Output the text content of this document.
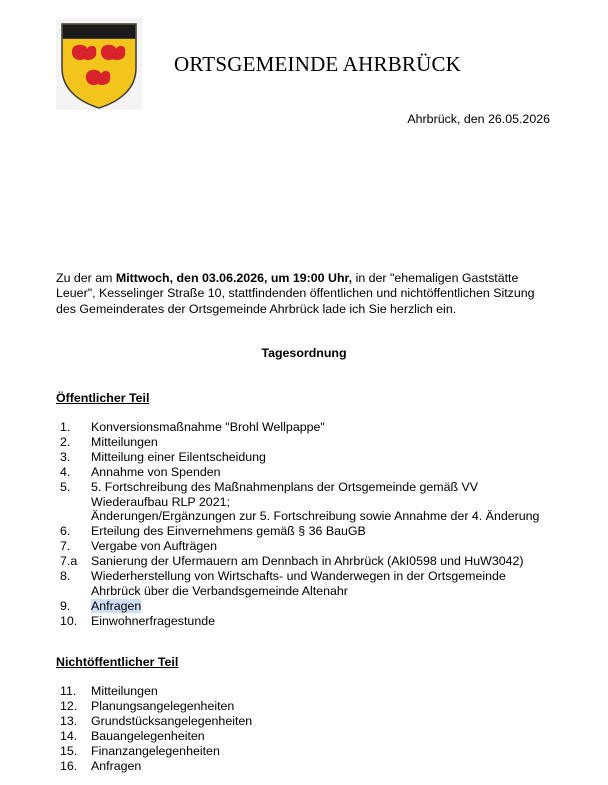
ORTSGEMEINDE AHRBRÜCK
Ahrbrück, den 26.05.2026
Zu der am Mittwoch, den 03.06.2026, um 19:00 Uhr, in der "ehemaligen Gaststätte Leuer", Kesselinger Straße 10, stattfindenden öffentlichen und nichtöffentlichen Sitzung des Gemeinderates der Ortsgemeinde Ahrbrück lade ich Sie herzlich ein.
Tagesordnung
Öffentlicher Teil
1.	Konversionsmaßnahme "Brohl Wellpappe"
2.	Mitteilungen
3.	Mitteilung einer Eilentscheidung
4.	Annahme von Spenden
5.	5. Fortschreibung des Maßnahmenplans der Ortsgemeinde gemäß VV Wiederaufbau RLP 2021;
Änderungen/Ergänzungen zur 5. Fortschreibung sowie Annahme der 4. Änderung
6.	Erteilung des Einvernehmens gemäß § 36 BauGB
7.	Vergabe von Aufträgen
7.a	Sanierung der Ufermauern am Dennbach in Ahrbrück (AkI0598 und HuW3042)
8.	Wiederherstellung von Wirtschafts- und Wanderwegen in der Ortsgemeinde Ahrbrück über die Verbandsgemeinde Altenahr
9.	Anfragen
10.	Einwohnerfragestunde
Nichtöffentlicher Teil
11.	Mitteilungen
12.	Planungsangelegenheiten
13.	Grundstücksangelegenheiten
14.	Bauangelegenheiten
15.	Finanzangelegenheiten
16.	Anfragen
